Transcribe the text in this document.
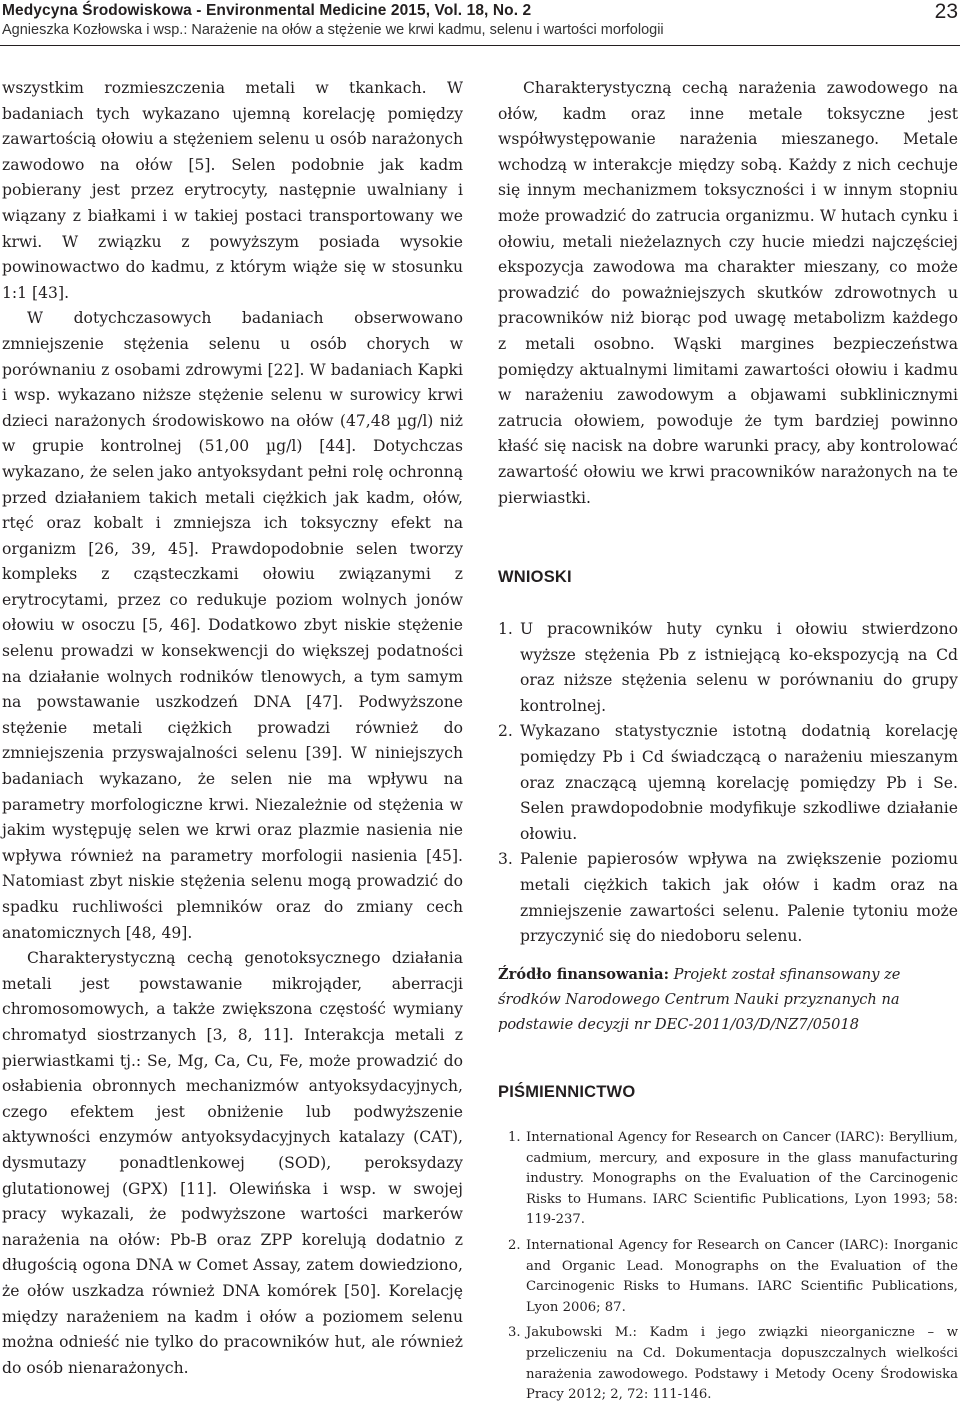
Medycyna Środowiskowa - Environmental Medicine 2015, Vol. 18, No. 2
Agnieszka Kozłowska i wsp.: Narażenie na ołów a stężenie we krwi kadmu, selenu i wartości morfologii
23

wszystkim rozmieszczenia metali w tkankach. W badaniach tych wykazano ujemną korelację pomiędzy zawartością ołowiu a stężeniem selenu u osób narażonych zawodowo na ołów [5]. Selen podobnie jak kadm pobierany jest przez erytrocyty, następnie uwalniany i wiązany z białkami i w takiej postaci transportowany we krwi. W związku z powyższym posiada wysokie powinowactwo do kadmu, z którym wiąże się w stosunku 1:1 [43].

W dotychczasowych badaniach obserwowano zmniejszenie stężenia selenu u osób chorych w porównaniu z osobami zdrowymi [22]. W badaniach Kapki i wsp. wykazano niższe stężenie selenu w surowicy krwi dzieci narażonych środowiskowo na ołów (47,48 µg/l) niż w grupie kontrolnej (51,00 µg/l) [44]. Dotychczas wykazano, że selen jako antyoksydant pełni rolę ochronną przed działaniem takich metali ciężkich jak kadm, ołów, rtęć oraz kobalt i zmniejsza ich toksyczny efekt na organizm [26, 39, 45]. Prawdopodobnie selen tworzy kompleks z cząsteczkami ołowiu związanymi z erytrocytami, przez co redukuje poziom wolnych jonów ołowiu w osoczu [5, 46]. Dodatkowo zbyt niskie stężenie selenu prowadzi w konsekwencji do większej podatności na działanie wolnych rodników tlenowych, a tym samym na powstawanie uszkodzeń DNA [47]. Podwyższone stężenie metali ciężkich prowadzi również do zmniejszenia przyswajalności selenu [39]. W niniejszych badaniach wykazano, że selen nie ma wpływu na parametry morfologiczne krwi. Niezależnie od stężenia w jakim występuję selen we krwi oraz plazmie nasienia nie wpływa również na parametry morfologii nasienia [45]. Natomiast zbyt niskie stężenia selenu mogą prowadzić do spadku ruchliwości plemników oraz do zmiany cech anatomicznych [48, 49].

Charakterystyczną cechą genotoksycznego działania metali jest powstawanie mikrojąder, aberracji chromosomowych, a także zwiększona częstość wymiany chromatyd siostrzanych [3, 8, 11]. Interakcja metali z pierwiastkami tj.: Se, Mg, Ca, Cu, Fe, może prowadzić do osłabienia obronnych mechanizmów antyoksydacyjnych, czego efektem jest obniżenie lub podwyższenie aktywności enzymów antyoksydacyjnych katalazy (CAT), dysmutazy ponadtlenkowej (SOD), peroksydazy glutationowej (GPX) [11]. Olewińska i wsp. w swojej pracy wykazali, że podwyższone wartości markerów narażenia na ołów: Pb-B oraz ZPP korelują dodatnio z długością ogona DNA w Comet Assay, zatem dowiedziono, że ołów uszkadza również DNA komórek [50]. Korelację między narażeniem na kadm i ołów a poziomem selenu można odnieść nie tylko do pracowników hut, ale również do osób nienarażonych.

Charakterystyczną cechą narażenia zawodowego na ołów, kadm oraz inne metale toksyczne jest współwystępowanie narażenia mieszanego. Metale wchodzą w interakcje między sobą. Każdy z nich cechuje się innym mechanizmem toksyczności i w innym stopniu może prowadzić do zatrucia organizmu. W hutach cynku i ołowiu, metali nieżelaznych czy hucie miedzi najczęściej ekspozycja zawodowa ma charakter mieszany, co może prowadzić do poważniejszych skutków zdrowotnych u pracowników niż biorąc pod uwagę metabolizm każdego z metali osobno. Wąski margines bezpieczeństwa pomiędzy aktualnymi limitami zawartości ołowiu i kadmu w narażeniu zawodowym a objawami subklinicznymi zatrucia ołowiem, powoduje że tym bardziej powinno kłaść się nacisk na dobre warunki pracy, aby kontrolować zawartość ołowiu we krwi pracowników narażonych na te pierwiastki.

WNIOSKI
1. U pracowników huty cynku i ołowiu stwierdzono wyższe stężenia Pb z istniejącą ko-ekspozycją na Cd oraz niższe stężenia selenu w porównaniu do grupy kontrolnej.
2. Wykazano statystycznie istotną dodatnią korelację pomiędzy Pb i Cd świadczącą o narażeniu mieszanym oraz znaczącą ujemną korelację pomiędzy Pb i Se. Selen prawdopodobnie modyfikuje szkodliwe działanie ołowiu.
3. Palenie papierosów wpływa na zwiększenie poziomu metali ciężkich takich jak ołów i kadm oraz na zmniejszenie zawartości selenu. Palenie tytoniu może przyczynić się do niedoboru selenu.
Źródło finansowania: Projekt został sfinansowany ze środków Narodowego Centrum Nauki przyznanych na podstawie decyzji nr DEC-2011/03/D/NZ7/05018
PIŚMIENNICTWO
1. International Agency for Research on Cancer (IARC): Beryllium, cadmium, mercury, and exposure in the glass manufacturing industry. Monographs on the Evaluation of the Carcinogenic Risks to Humans. IARC Scientific Publications, Lyon 1993; 58: 119-237.
2. International Agency for Research on Cancer (IARC): Inorganic and Organic Lead. Monographs on the Evaluation of the Carcinogenic Risks to Humans. IARC Scientific Publications, Lyon 2006; 87.
3. Jakubowski M.: Kadm i jego związki nieorganiczne – w przeliczeniu na Cd. Dokumentacja dopuszczalnych wielkości narażenia zawodowego. Podstawy i Metody Oceny Środowiska Pracy 2012; 2, 72: 111-146.
